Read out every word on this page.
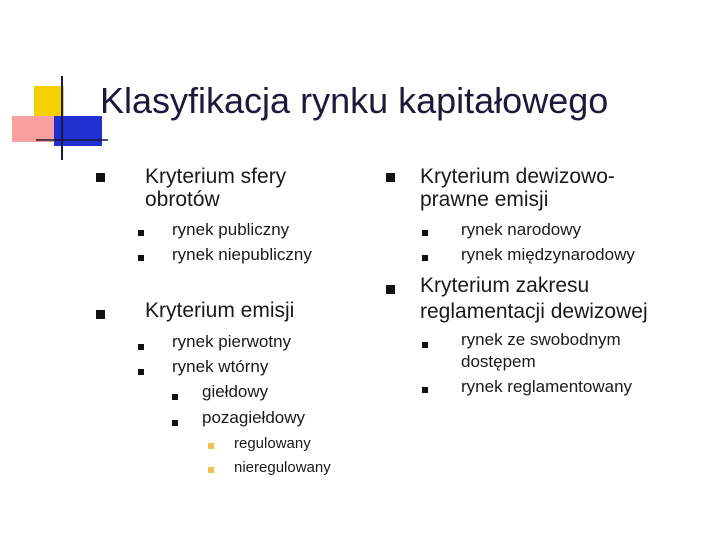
Klasyfikacja rynku kapitałowego
Kryterium sfery
obrotów
rynek publiczny
rynek niepubliczny
Kryterium emisji
rynek pierwotny
rynek wtórny
giełdowy
pozagiełdowy
regulowany
nieregulowany
Kryterium dewizowo-
prawne emisji
rynek narodowy
rynek międzynarodowy
Kryterium zakresu
reglamentacji dewizowej
rynek ze swobodnym
dostępem
rynek reglamentowany
